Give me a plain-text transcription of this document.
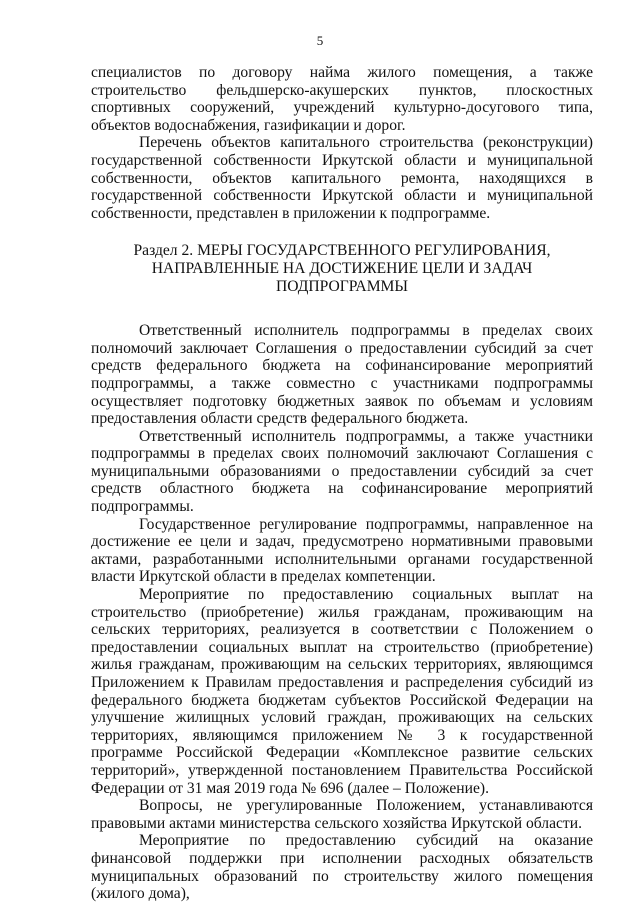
5

специалистов по договору найма жилого помещения, а также строительство фельдшерско-акушерских пунктов, плоскостных спортивных сооружений, учреждений культурно-досугового типа, объектов водоснабжения, газификации и дорог.

Перечень объектов капитального строительства (реконструкции) государственной собственности Иркутской области и муниципальной собственности, объектов капитального ремонта, находящихся в государственной собственности Иркутской области и муниципальной собственности, представлен в приложении к подпрограмме.

Раздел 2. МЕРЫ ГОСУДАРСТВЕННОГО РЕГУЛИРОВАНИЯ,
НАПРАВЛЕННЫЕ НА ДОСТИЖЕНИЕ ЦЕЛИ И ЗАДАЧ
ПОДПРОГРАММЫ

Ответственный исполнитель подпрограммы в пределах своих полномочий заключает Соглашения о предоставлении субсидий за счет средств федерального бюджета на софинансирование мероприятий подпрограммы, а также совместно с участниками подпрограммы осуществляет подготовку бюджетных заявок по объемам и условиям предоставления области средств федерального бюджета.

Ответственный исполнитель подпрограммы, а также участники подпрограммы в пределах своих полномочий заключают Соглашения с муниципальными образованиями о предоставлении субсидий за счет средств областного бюджета на софинансирование мероприятий подпрограммы.

Государственное регулирование подпрограммы, направленное на достижение ее цели и задач, предусмотрено нормативными правовыми актами, разработанными исполнительными органами государственной власти Иркутской области в пределах компетенции.

Мероприятие по предоставлению социальных выплат на строительство (приобретение) жилья гражданам, проживающим на сельских территориях, реализуется в соответствии с Положением о предоставлении социальных выплат на строительство (приобретение) жилья гражданам, проживающим на сельских территориях, являющимся Приложением к Правилам предоставления и распределения субсидий из федерального бюджета бюджетам субъектов Российской Федерации на улучшение жилищных условий граждан, проживающих на сельских территориях, являющимся приложением № 3 к государственной программе Российской Федерации «Комплексное развитие сельских территорий», утвержденной постановлением Правительства Российской Федерации от 31 мая 2019 года № 696 (далее – Положение).

Вопросы, не урегулированные Положением, устанавливаются правовыми актами министерства сельского хозяйства Иркутской области.

Мероприятие по предоставлению субсидий на оказание финансовой поддержки при исполнении расходных обязательств муниципальных образований по строительству жилого помещения (жилого дома),
